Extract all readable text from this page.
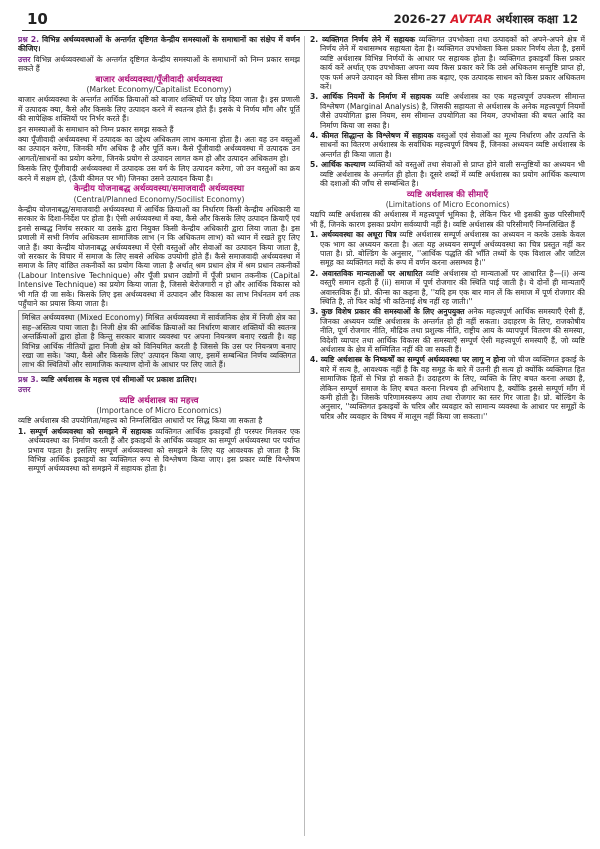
10	2026-27 AVTAR अर्थशास्त्र कक्षा 12

प्रश्न 2. विभिन्न अर्थव्यवस्थाओं के अन्तर्गत दृष्टिगत केन्द्रीय समस्याओं के समाधानों का संक्षेप में वर्णन कीजिए।

उत्तर विभिन्न अर्थव्यवस्थाओं के अन्तर्गत दृष्टिगत केन्द्रीय समस्याओं के समाधानों को निम्न प्रकार समझ सकते हैं

बाजार अर्थव्यवस्था/पूँजीवादी अर्थव्यवस्था
(Market Economy/Capitalist Economy)

बाजार अर्थव्यवस्था के अन्तर्गत आर्थिक क्रियाओं को बाजार शक्तियों पर छोड़ दिया जाता है। इस प्रणाली में उत्पादक क्या, कैसे और किसके लिए उत्पादन करने में स्वतन्त्र होते हैं। इसके ये निर्णय माँग और पूर्ति की सापेक्षिक शक्तियों पर निर्भर करते हैं।

इन समस्याओं के समाधान को निम्न प्रकार समझ सकते हैं

क्या पूँजीवादी अर्थव्यवस्था में उत्पादक का उद्देश्य अधिकतम लाभ कमाना होता है। अतः वह उन वस्तुओं का उत्पादन करेगा, जिनकी माँग अधिक है और पूर्ति कम। कैसे पूँजीवादी अर्थव्यवस्था में उत्पादक उन आगतों/साधनों का प्रयोग करेगा, जिनके प्रयोग से उत्पादन लागत कम हो और उत्पादन अधिकतम हो।

किसके लिए पूँजीवादी अर्थव्यवस्था में उत्पादक उस वर्ग के लिए उत्पादन करेगा, जो उन वस्तुओं का क्रय करने में सक्षम हो, (ऊँची कीमत पर भी) जिनका उसने उत्पादन किया है।

केन्द्रीय योजनाबद्ध अर्थव्यवस्था/समाजवादी अर्थव्यवस्था
(Central/Planned Economy/Socilist Economy)

केन्द्रीय योजनाबद्ध/समाजवादी अर्थव्यवस्था में आर्थिक क्रियाओं का निर्धारण किसी केन्द्रीय अधिकारी या सरकार के दिशा-निर्देश पर होता है। ऐसी अर्थव्यवस्था में क्या, कैसे और किसके लिए उत्पादन क्रियाएँ एवं इनसे सम्बद्ध निर्णय सरकार या उसके द्वारा नियुक्त किसी केन्द्रीय अधिकारी द्वारा लिया जाता है। इस प्रणाली में सभी निर्णय अधिकतम सामाजिक लाभ (न कि अधिकतम लाभ) को ध्यान में रखते हुए लिए जाते हैं। क्या केन्द्रीय योजनाबद्ध अर्थव्यवस्था में ऐसी वस्तुओं और सेवाओं का उत्पादन किया जाता है, जो सरकार के विचार में समाज के लिए सबसे अधिक उपयोगी होते हैं। कैसे समाजवादी अर्थव्यवस्था में समाज के लिए वांछित तकनीकों का प्रयोग किया जाता है अर्थात् श्रम प्रधान क्षेत्र में श्रम प्रधान तकनीकों (Labour Intensive Technique) और पूँजी प्रधान उद्योगों में पूँजी प्रधान तकनीक (Capital Intensive Technique) का प्रयोग किया जाता है, जिससे बेरोजगारी न हो और आर्थिक विकास को भी गति दी जा सके। किसके लिए इस अर्थव्यवस्था में उत्पादन और विकास का लाभ निर्धनतम वर्ग तक पहुँचाने का प्रयास किया जाता है।

मिश्रित अर्थव्यवस्था (Mixed Economy) मिश्रित अर्थव्यवस्था में सार्वजनिक क्षेत्र में निजी क्षेत्र का सह–अस्तित्व पाया जाता है। निजी क्षेत्र की आर्थिक क्रियाओं का निर्धारण बाजार शक्तियों की स्वतन्त्र अन्तर्क्रियाओं द्वारा होता है किन्तु सरकार बाजार व्यवस्था पर अपना नियन्त्रण बनाए रखती है। वह विभिन्न आर्थिक नीतियों द्वारा निजी क्षेत्र को विनियमित करती है जिससे कि उस पर नियन्त्रण बनाए रखा जा सके। 'क्या, कैसे और किसके लिए' उत्पादन किया जाए, इसमें सम्बन्धित निर्णय व्यक्तिगत लाभ की स्थितियों और सामाजिक कल्याण दोनों के आधार पर लिए जाते हैं।

प्रश्न 3. व्यष्टि अर्थशास्त्र के महत्त्व एवं सीमाओं पर प्रकाश डालिए।

उत्तर

व्यष्टि अर्थशास्त्र का महत्त्व
(Importance of Micro Economics)

व्यष्टि अर्थशास्त्र की उपयोगिता/महत्त्व को निम्नलिखित आधारों पर सिद्ध किया जा सकता है

1. सम्पूर्ण अर्थव्यवस्था को समझने में सहायक व्यक्तिगत आर्थिक इकाइयाँ ही परस्पर मिलकर एक अर्थव्यवस्था का निर्माण करती हैं और इकाइयों के आर्थिक व्यवहार का सम्पूर्ण अर्थव्यवस्था पर पर्याप्त प्रभाव पड़ता है। इसलिए सम्पूर्ण अर्थव्यवस्था को समझने के लिए यह आवश्यक हो जाता है कि विभिन्न आर्थिक इकाइयों का व्यक्तिगत रूप से विश्लेषण किया जाए। इस प्रकार व्यष्टि विश्लेषण सम्पूर्ण अर्थव्यवस्था को समझने में सहायक होता है।

2. व्यक्तिगत निर्णय लेने में सहायक व्यक्तिगत उपभोक्ता तथा उत्पादकों को अपने-अपने क्षेत्र में निर्णय लेने में यथासम्भव सहायता देता है। व्यक्तिगत उपभोक्ता किस प्रकार निर्णय लेता है, इसमें व्यष्टि अर्थशास्त्र विभिन्न निर्णयों के आधार पर सहायक होता है। व्यक्तिगत इकाइयाँ किस प्रकार कार्य करें अर्थात् एक उपभोक्ता अपना व्यय किस प्रकार करे कि उसे अधिकतम सन्तुष्टि प्राप्त हो, एक फर्म अपने उत्पादन को किस सीमा तक बढ़ाए, एक उत्पादक साधन को किस प्रकार अधिकतम करें।

3. आर्थिक नियमों के निर्माण में सहायक व्यष्टि अर्थशास्त्र का एक महत्त्वपूर्ण उपकरण सीमान्त विश्लेषण (Marginal Analysis) है, जिसकी सहायता से अर्थशास्त्र के अनेक महत्त्वपूर्ण नियमों जैसे उपयोगिता ह्रास नियम, सम सीमान्त उपयोगिता का नियम, उपभोक्ता की बचत आदि का निर्माण किया जा सका है।

4. कीमत सिद्धान्त के विश्लेषण में सहायक वस्तुओं एवं सेवाओं का मूल्य निर्धारण और उत्पत्ति के साधनों का वितरण अर्थशास्त्र के सर्वाधिक महत्त्वपूर्ण विषय हैं, जिनका अध्ययन व्यष्टि अर्थशास्त्र के अन्तर्गत ही किया जाता है।

5. आर्थिक कल्याण व्यक्तियों को वस्तुओं तथा सेवाओं से प्राप्त होने वाली सन्तुष्टियों का अध्ययन भी व्यष्टि अर्थशास्त्र के अन्तर्गत ही होता है। दूसरे शब्दों में व्यष्टि अर्थशास्त्र का प्रयोग आर्थिक कल्याण की दशाओं की जाँच से सम्बन्धित है।

व्यष्टि अर्थशास्त्र की सीमाएँ
(Limitations of Micro Economics)

यद्यपि व्यष्टि अर्थशास्त्र की अर्थशास्त्र में महत्त्वपूर्ण भूमिका है, लेकिन फिर भी इसकी कुछ परिसीमाएँ भी हैं, जिनके कारण इसका प्रयोग सर्वव्यापी नहीं है। व्यष्टि अर्थशास्त्र की परिसीमाएँ निम्नलिखित हैं

1. अर्थव्यवस्था का अधूरा चित्र व्यष्टि अर्थशास्त्र सम्पूर्ण अर्थशास्त्र का अध्ययन न करके उसके केवल एक भाग का अध्ययन करता है। अतः यह अध्ययन सम्पूर्ण अर्थव्यवस्था का चित्र प्रस्तुत नहीं कर पाता है। प्रो. बोल्डिंग के अनुसार, ''आर्थिक पद्धति की भाँति तथ्यों के एक विशाल और जटिल समूह का व्यक्तिगत मदों के रूप में वर्णन करना असम्भव है।''

2. अवास्तविक मान्यताओं पर आधारित व्यष्टि अर्थशास्त्र दो मान्यताओं पर आधारित है—(i) अन्य वस्तुएँ समान रहती हैं (ii) समाज में पूर्ण रोजगार की स्थिति पाई जाती है। ये दोनों ही मान्यताएँ अवास्तविक हैं। प्रो. कीन्स का कहना है, ''यदि हम एक बार मान लें कि समाज में पूर्ण रोजगार की स्थिति है, तो फिर कोई भी कठिनाई शेष नहीं रह जाती।''

3. कुछ विशेष प्रकार की समस्याओं के लिए अनुपयुक्त अनेक महत्त्वपूर्ण आर्थिक समस्याएँ ऐसी हैं, जिनका अध्ययन व्यष्टि अर्थशास्त्र के अन्तर्गत हो ही नहीं सकता। उदाहरण के लिए, राजकोषीय नीति, पूर्ण रोजगार नीति, मौद्रिक तथा प्रशुल्क नीति, राष्ट्रीय आय के व्यापपूर्ण वितरण की समस्या, विदेशी व्यापार तथा आर्थिक विकास की समस्याएँ सम्पूर्ण ऐसी महत्त्वपूर्ण समस्याएँ हैं, जो व्यष्टि अर्थशास्त्र के क्षेत्र में सम्मिलित नहीं की जा सकती हैं।

4. व्यष्टि अर्थशास्त्र के निष्कर्षों का सम्पूर्ण अर्थव्यवस्था पर लागू न होना जो चीज व्यक्तिगत इकाई के बारे में सत्य है, आवश्यक नहीं है कि वह समूह के बारे में उतनी ही सत्य हो क्योंकि व्यक्तिगत हित सामाजिक हितों से भिन्न हो सकते हैं। उदाहरण के लिए, व्यक्ति के लिए बचत करना अच्छा है, लेकिन सम्पूर्ण समाज के लिए बचत करना निश्चय ही अभिशाप है, क्योंकि इससे सम्पूर्ण माँग में कमी होती है। जिसके परिणामस्वरूप आय तथा रोजगार का स्तर गिर जाता है। प्रो. बोल्डिंग के अनुसार, ''व्यक्तिगत इकाइयों के चरित्र और व्यवहार को सामान्य व्यवस्था के आधार पर समूहों के चरित्र और व्यवहार के विषय में मालूम नहीं किया जा सकता।''
